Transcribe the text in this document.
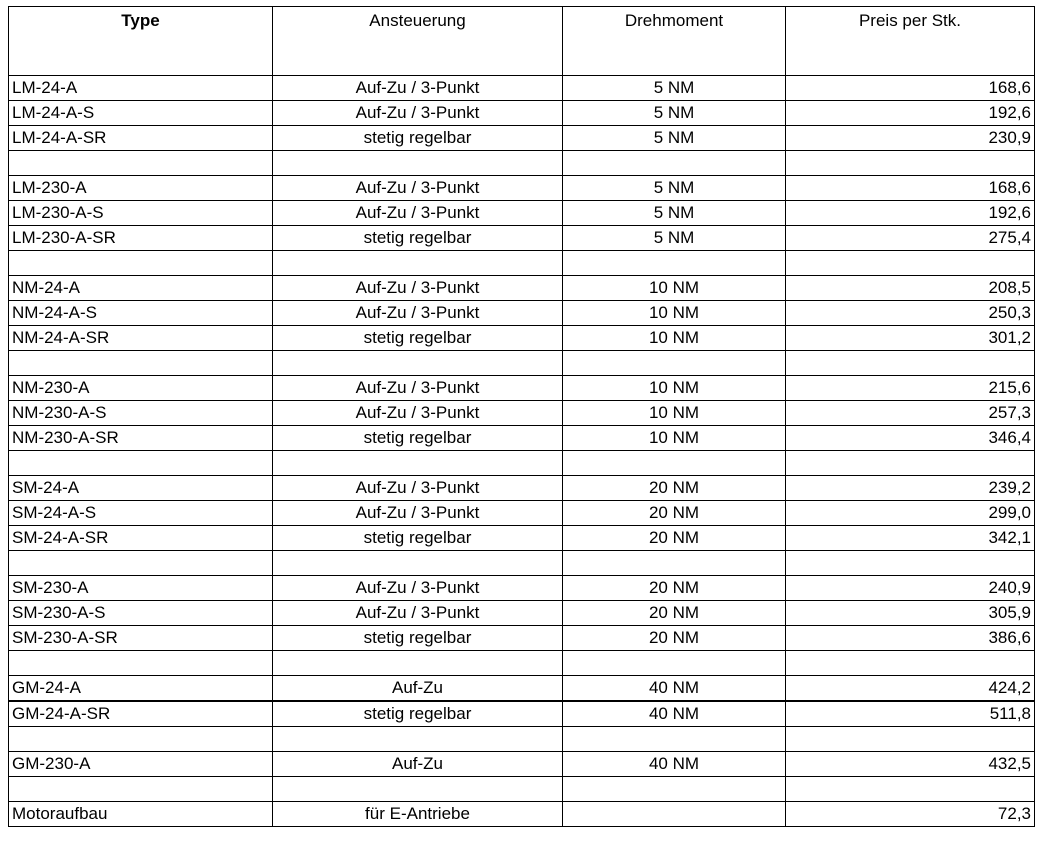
Type	Ansteuerung	Drehmoment	Preis per Stk.
LM-24-A	Auf-Zu / 3-Punkt	5 NM	168,6
LM-24-A-S	Auf-Zu / 3-Punkt	5 NM	192,6
LM-24-A-SR	stetig regelbar	5 NM	230,9

LM-230-A	Auf-Zu / 3-Punkt	5 NM	168,6
LM-230-A-S	Auf-Zu / 3-Punkt	5 NM	192,6
LM-230-A-SR	stetig regelbar	5 NM	275,4

NM-24-A	Auf-Zu / 3-Punkt	10 NM	208,5
NM-24-A-S	Auf-Zu / 3-Punkt	10 NM	250,3
NM-24-A-SR	stetig regelbar	10 NM	301,2

NM-230-A	Auf-Zu / 3-Punkt	10 NM	215,6
NM-230-A-S	Auf-Zu / 3-Punkt	10 NM	257,3
NM-230-A-SR	stetig regelbar	10 NM	346,4

SM-24-A	Auf-Zu / 3-Punkt	20 NM	239,2
SM-24-A-S	Auf-Zu / 3-Punkt	20 NM	299,0
SM-24-A-SR	stetig regelbar	20 NM	342,1

SM-230-A	Auf-Zu / 3-Punkt	20 NM	240,9
SM-230-A-S	Auf-Zu / 3-Punkt	20 NM	305,9
SM-230-A-SR	stetig regelbar	20 NM	386,6

GM-24-A	Auf-Zu	40 NM	424,2
GM-24-A-SR	stetig regelbar	40 NM	511,8

GM-230-A	Auf-Zu	40 NM	432,5

Motoraufbau	für E-Antriebe		72,3
